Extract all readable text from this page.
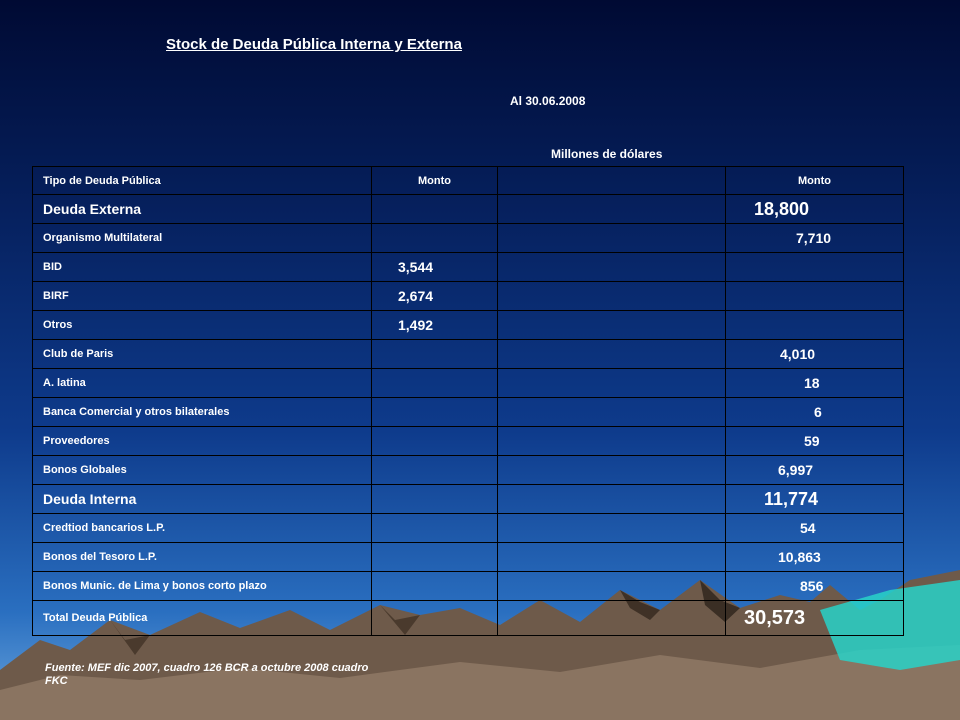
Stock de Deuda Pública Interna y Externa
Al 30.06.2008
Millones de dólares
Tipo de Deuda Pública	Monto		Monto
Deuda Externa			18,800
Organismo Multilateral			7,710
BID	3,544		
BIRF	2,674		
Otros	1,492		
Club de Paris			4,010
A. latina			18
Banca Comercial y otros bilaterales			6
Proveedores			59
Bonos Globales			6,997
Deuda Interna			11,774
Credtiod bancarios L.P.			54
Bonos del Tesoro L.P.			10,863
Bonos Munic. de Lima y bonos corto plazo			856
Total Deuda Pública			30,573
Fuente: MEF dic 2007, cuadro 126 BCR a octubre 2008 cuadro FKC
